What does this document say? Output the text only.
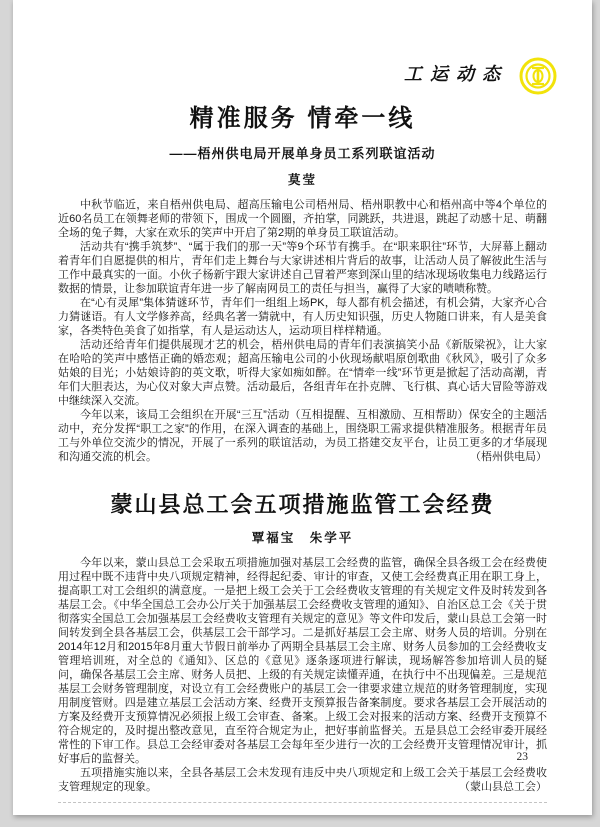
工运动态
精准服务 情牵一线
——梧州供电局开展单身员工系列联谊活动
莫莹

中秋节临近，来自梧州供电局、超高压输电公司梧州局、梧州职教中心和梧州高中等4个单位的近60名员工在领舞老师的带领下，围成一个圆圈，齐拍掌，同跳跃，共进退，跳起了动感十足、萌翻全场的兔子舞，大家在欢乐的笑声中开启了第2期的单身员工联谊活动。

活动共有“携手筑梦”、“属于我们的那一天”等9个环节有携手。在“职来职往”环节，大屏幕上翻动着青年们自愿提供的相片，青年们走上舞台与大家讲述相片背后的故事，让活动人员了解彼此生活与工作中最真实的一面。小伙子杨新宇跟大家讲述自己冒着严寒到深山里的结冰现场收集电力线路运行数据的情景，让参加联谊青年进一步了解南网员工的责任与担当，赢得了大家的啧啧称赞。

在“心有灵犀”集体猜谜环节，青年们一组组上场PK，每人都有机会描述，有机会猜，大家齐心合力猜谜语。有人文学修养高，经典名著一猜就中，有人历史知识强，历史人物随口讲来，有人是美食家，各类特色美食了如指掌，有人是运动达人，运动项目样样精通。

活动还给青年们提供展现才艺的机会，梧州供电局的青年们表演搞笑小品《新版梁祝》，让大家在哈哈的笑声中感悟正确的婚恋观；超高压输电公司的小伙现场献唱原创歌曲《秋风》，吸引了众多姑娘的目光；小姑娘诗韵的英文歌，听得大家如痴如醉。在“情牵一线”环节更是掀起了活动高潮，青年们大胆表达，为心仪对象大声点赞。活动最后，各组青年在扑克牌、飞行棋、真心话大冒险等游戏中继续深入交流。

今年以来，该局工会组织在开展“三互”活动（互相提醒、互相激励、互相帮助）保安全的主题活动中，充分发挥“职工之家”的作用，在深入调查的基础上，围绕职工需求提供精准服务。根据青年员工与外单位交流少的情况，开展了一系列的联谊活动，为员工搭建交友平台，让员工更多的才华展现和沟通交流的机会。	（梧州供电局）

蒙山县总工会五项措施监管工会经费
覃福宝　朱学平

今年以来，蒙山县总工会采取五项措施加强对基层工会经费的监管，确保全县各级工会在经费使用过程中既不违背中央八项规定精神，经得起纪委、审计的审查，又使工会经费真正用在职工身上，提高职工对工会组织的满意度。一是把上级工会关于工会经费收支管理的有关规定文件及时转发到各基层工会。《中华全国总工会办公厅关于加强基层工会经费收支管理的通知》、自治区总工会《关于贯彻落实全国总工会加强基层工会经费收支管理有关规定的意见》等文件印发后，蒙山县总工会第一时间转发到全县各基层工会，供基层工会干部学习。二是抓好基层工会主席、财务人员的培训。分别在2014年12月和2015年8月重大节假日前举办了两期全县基层工会主席、财务人员参加的工会经费收支管理培训班，对全总的《通知》、区总的《意见》逐条逐项进行解读，现场解答参加培训人员的疑问，确保各基层工会主席、财务人员把、上级的有关规定读懂弄通，在执行中不出现偏差。三是规范基层工会财务管理制度，对设立有工会经费账户的基层工会一律要求建立规范的财务管理制度，实现用制度管财。四是建立基层工会活动方案、经费开支预算报告备案制度。要求各基层工会开展活动的方案及经费开支预算情况必须报上级工会审查、备案。上级工会对报来的活动方案、经费开支预算不符合规定的，及时提出整改意见，直至符合规定为止，把好事前监督关。五是县总工会经审委开展经常性的下审工作。县总工会经审委对各基层工会每年至少进行一次的工会经费开支管理情况审计，抓好事后的监督关。

五项措施实施以来，全县各基层工会未发现有违反中央八项规定和上级工会关于基层工会经费收支管理规定的现象。	（蒙山县总工会）

23
